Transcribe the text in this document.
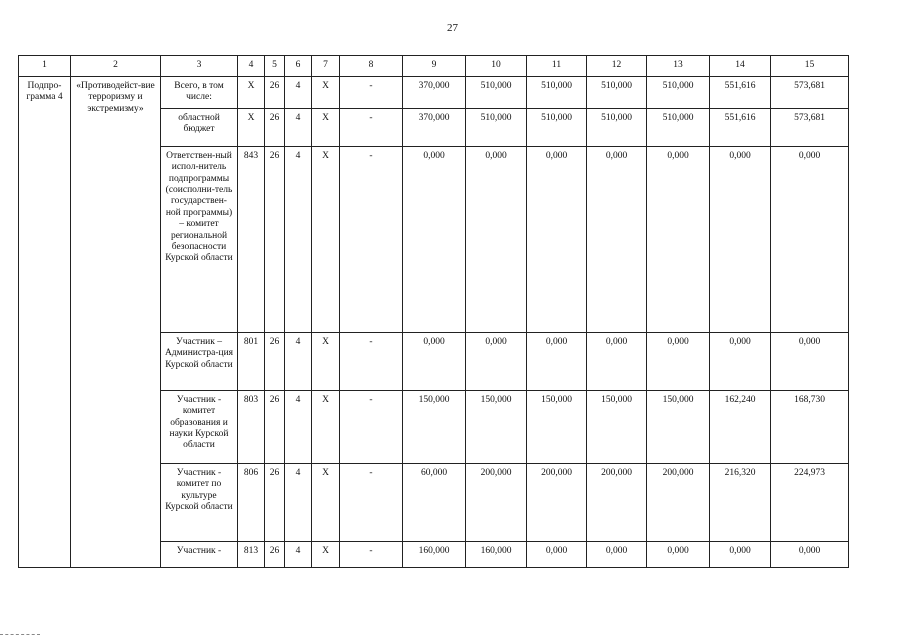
27
1	2	3	4	5	6	7	8	9	10	11	12	13	14	15
Подпро-грамма 4	«Противодейст-вие терроризму и экстремизму»	Всего, в том числе:	X	26	4	X	-	370,000	510,000	510,000	510,000	510,000	551,616	573,681
		областной бюджет	X	26	4	X	-	370,000	510,000	510,000	510,000	510,000	551,616	573,681
		Ответствен-ный испол-нитель подпрограммы (соисполни-тель государствен-ной программы) – комитет региональной безопасности Курской области	843	26	4	X	-	0,000	0,000	0,000	0,000	0,000	0,000	0,000
		Участник – Администра-ция Курской области	801	26	4	X	-	0,000	0,000	0,000	0,000	0,000	0,000	0,000
		Участник - комитет образования и науки Курской области	803	26	4	X	-	150,000	150,000	150,000	150,000	150,000	162,240	168,730
		Участник - комитет по культуре Курской области	806	26	4	X	-	60,000	200,000	200,000	200,000	200,000	216,320	224,973
		Участник -	813	26	4	X	-	160,000	160,000	0,000	0,000	0,000	0,000	0,000
